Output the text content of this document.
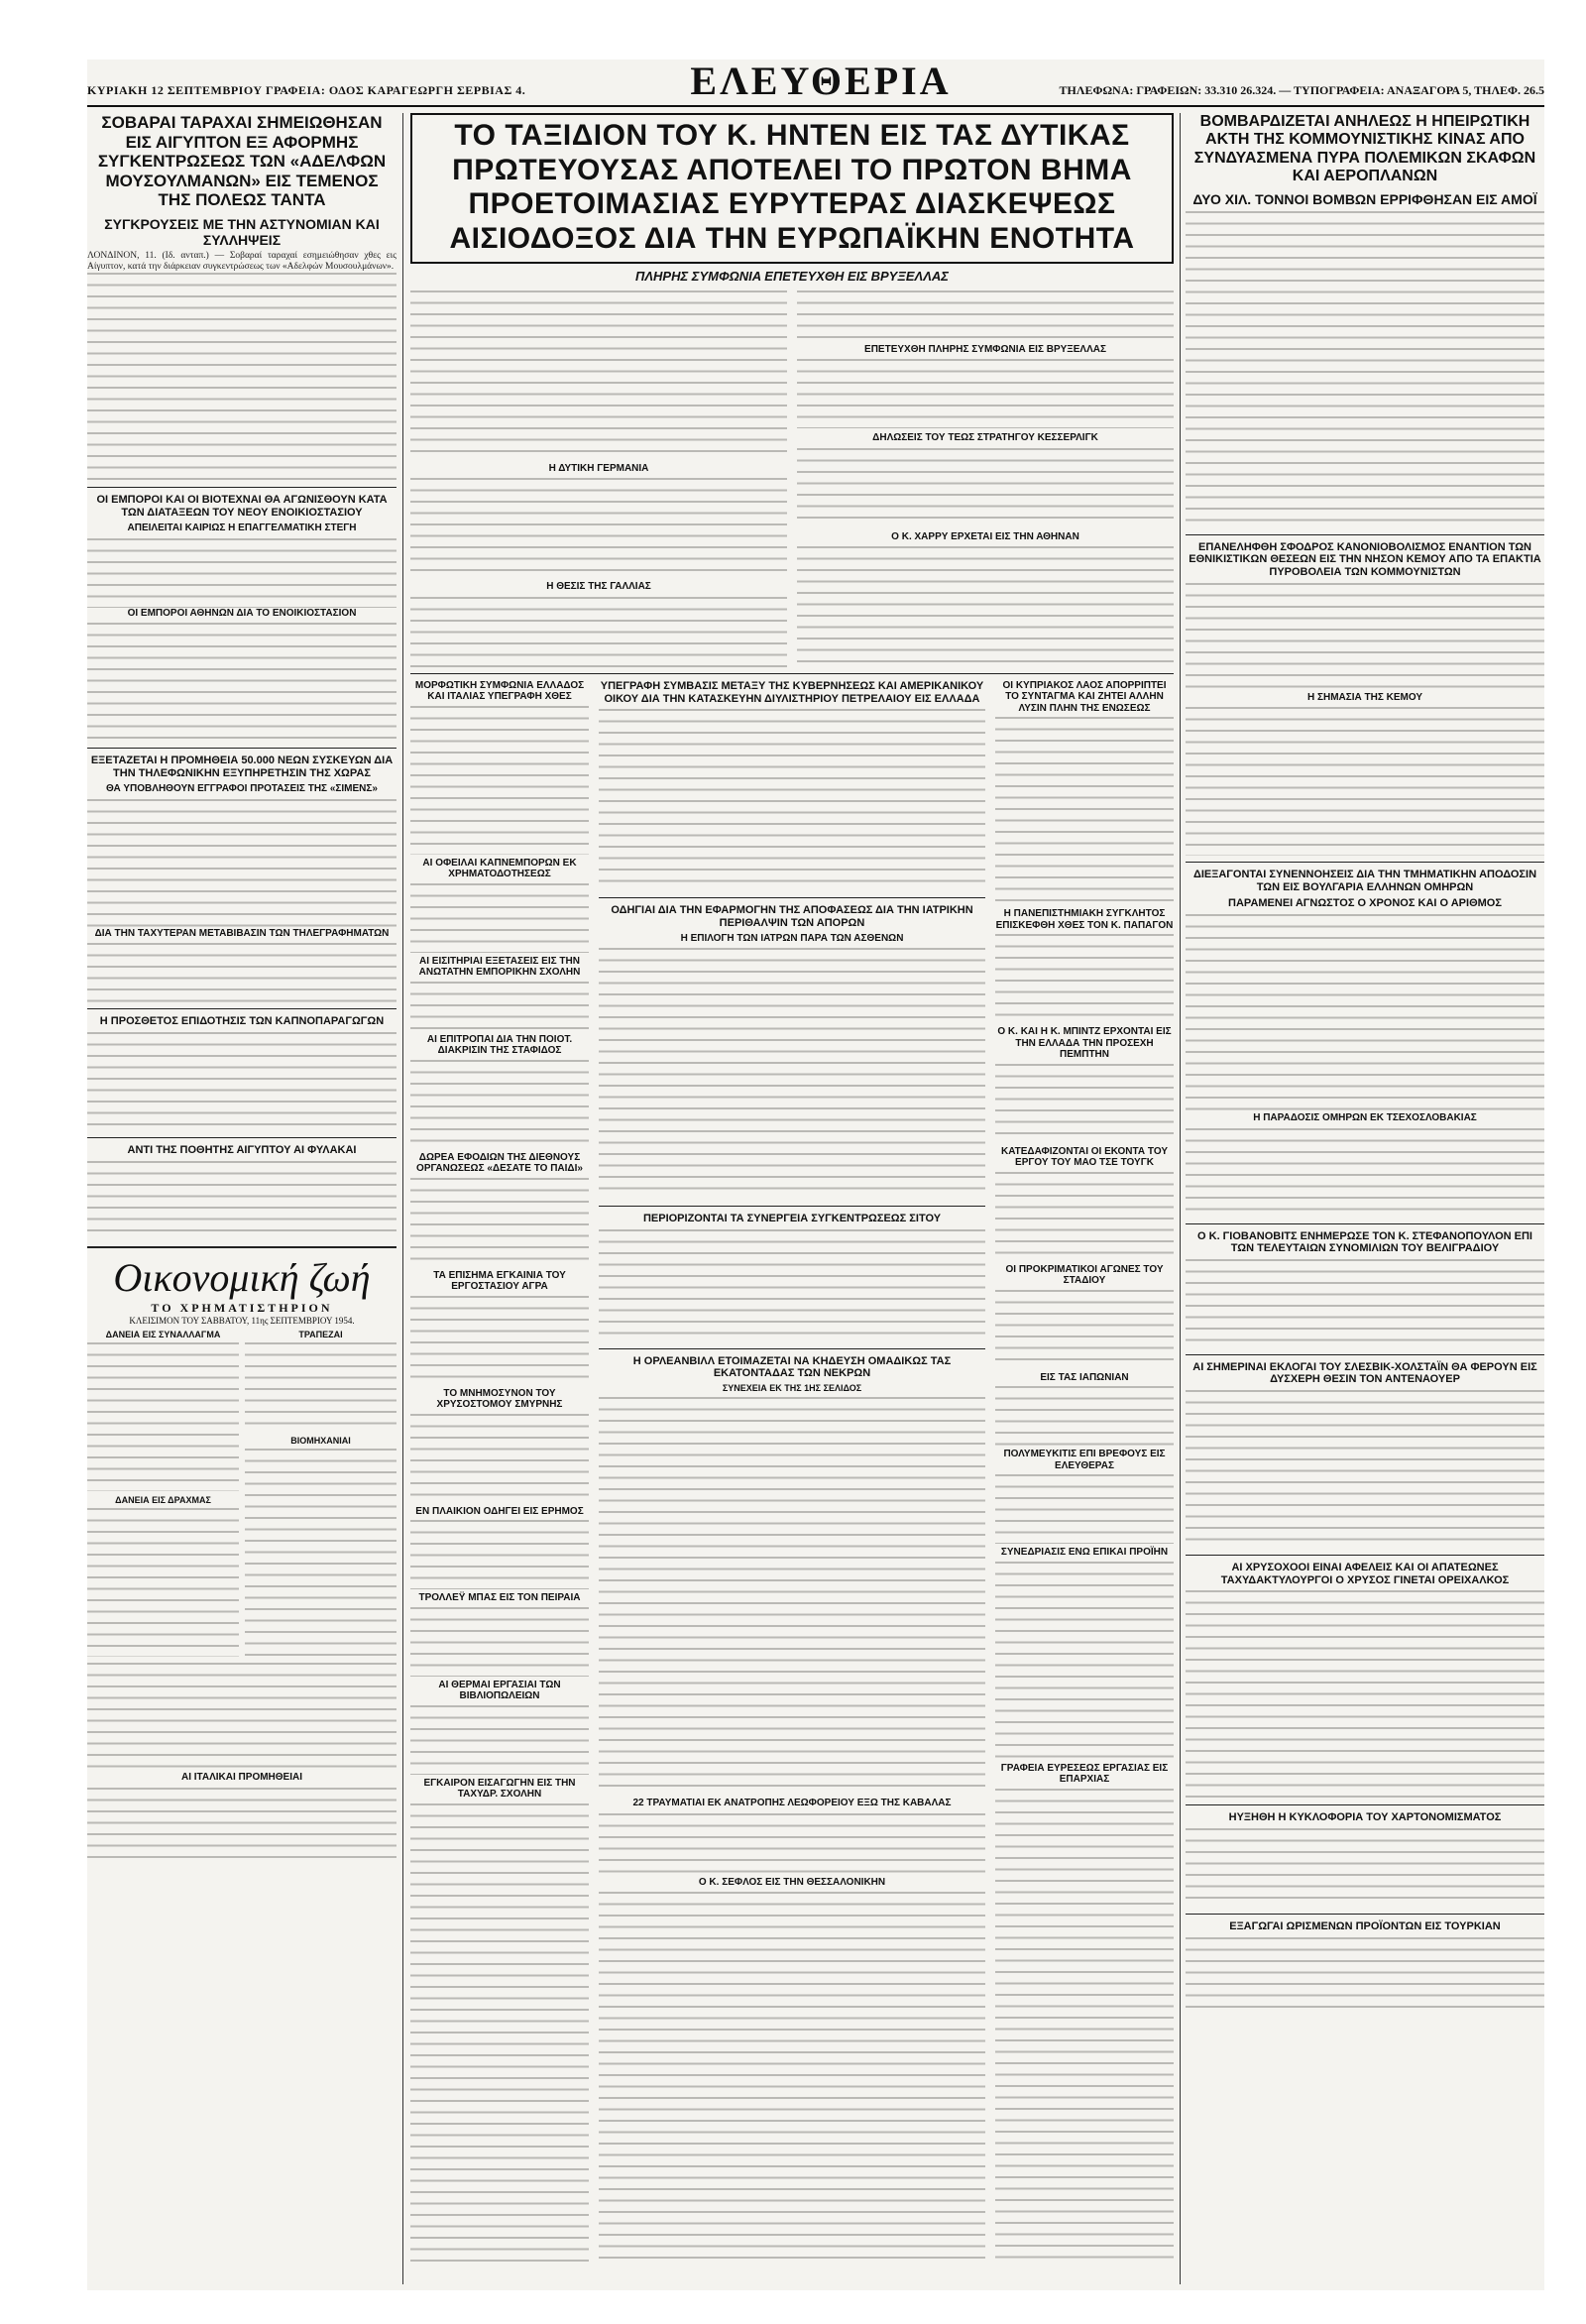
ΚΥΡΙΑΚΗ 12 ΣΕΠΤΕΜΒΡΙΟΥ ΓΡΑΦΕΙΑ: ΟΔΟΣ ΚΑΡΑΓΕΩΡΓΗ ΣΕΡΒΙΑΣ 4.	ΕΛΕΥΘΕΡΙΑ	ΤΗΛΕΦΩΝΑ: ΓΡΑΦΕΙΩΝ: 33.310 26.324. — ΤΥΠΟΓΡΑΦΕΙΑ: ΑΝΑΞΑΓΟΡΑ 5, ΤΗΛΕΦ. 26.5
ΣΟΒΑΡΑΙ ΤΑΡΑΧΑΙ ΣΗΜΕΙΩΘΗΣΑΝ ΕΙΣ ΑΙΓΥΠΤΟΝ ΕΞ ΑΦΟΡΜΗΣ ΣΥΓΚΕΝΤΡΩΣΕΩΣ ΤΩΝ «ΑΔΕΛΦΩΝ ΜΟΥΣΟΥΛΜΑΝΩΝ» ΕΙΣ ΤΕΜΕΝΟΣ ΤΗΣ ΠΟΛΕΩΣ ΤΑΝΤΑ
ΣΥΓΚΡΟΥΣΕΙΣ ΜΕ ΤΗΝ ΑΣΤΥΝΟΜΙΑΝ ΚΑΙ ΣΥΛΛΗΨΕΙΣ

ΛΟΝΔΙΝΟΝ, 11. (Ιδ. ανταπ.) — Σοβαραί ταραχαί εσημειώθησαν χθες εις Αίγυπτον, κατά την διάρκειαν συγκεντρώσεως των «Αδελφών Μουσουλμάνων».

ΟΙ ΕΜΠΟΡΟΙ ΚΑΙ ΟΙ ΒΙΟΤΕΧΝΑΙ ΘΑ ΑΓΩΝΙΣΘΟΥΝ ΚΑΤΑ ΤΩΝ ΔΙΑΤΑΞΕΩΝ ΤΟΥ ΝΕΟΥ ΕΝΟΙΚΙΟΣΤΑΣΙΟΥ
ΑΠΕΙΛΕΙΤΑΙ ΚΑΙΡΙΩΣ Η ΕΠΑΓΓΕΛΜΑΤΙΚΗ ΣΤΕΓΗ
ΟΙ ΕΜΠΟΡΟΙ ΑΘΗΝΩΝ ΔΙΑ ΤΟ ΕΝΟΙΚΙΟΣΤΑΣΙΟΝ
ΕΞΕΤΑΖΕΤΑΙ Η ΠΡΟΜΗΘΕΙΑ 50.000 ΝΕΩΝ ΣΥΣΚΕΥΩΝ ΔΙΑ ΤΗΝ ΤΗΛΕΦΩΝΙΚΗΝ ΕΞΥΠΗΡΕΤΗΣΙΝ ΤΗΣ ΧΩΡΑΣ
ΘΑ ΥΠΟΒΛΗΘΟΥΝ ΕΓΓΡΑΦΟΙ ΠΡΟΤΑΣΕΙΣ ΤΗΣ «ΣΙΜΕΝΣ»
ΔΙΑ ΤΗΝ ΤΑΧΥΤΕΡΑΝ ΜΕΤΑΒΙΒΑΣΙΝ ΤΩΝ ΤΗΛΕΓΡΑΦΗΜΑΤΩΝ
Η ΠΡΟΣΘΕΤΟΣ ΕΠΙΔΟΤΗΣΙΣ ΤΩΝ ΚΑΠΝΟΠΑΡΑΓΩΓΩΝ
ΑΝΤΙ ΤΗΣ ΠΟΘΗΤΗΣ ΑΙΓΥΠΤΟΥ ΑΙ ΦΥΛΑΚΑΙ
Οικονομική ζωή
ΤΟ ΧΡΗΜΑΤΙΣΤΗΡΙΟΝ
ΚΛΕΙΣΙΜΟΝ ΤΟΥ ΣΑΒΒΑΤΟΥ, 11ης ΣΕΠΤΕΜΒΡΙΟΥ 1954.
ΔΑΝΕΙΑ ΕΙΣ ΣΥΝΑΛΛΑΓΜΑ
ΔΑΝΕΙΑ ΕΙΣ ΔΡΑΧΜΑΣ
ΤΡΑΠΕΖΑΙ
ΒΙΟΜΗΧΑΝΙΑΙ
ΑΙ ΙΤΑΛΙΚΑΙ ΠΡΟΜΗΘΕΙΑΙ
ΤΟ ΤΑΞΙΔΙΟΝ ΤΟΥ Κ. ΗΝΤΕΝ ΕΙΣ ΤΑΣ ΔΥΤΙΚΑΣ
ΠΡΩΤΕΥΟΥΣΑΣ ΑΠΟΤΕΛΕΙ ΤΟ ΠΡΩΤΟΝ ΒΗΜΑ
ΠΡΟΕΤΟΙΜΑΣΙΑΣ ΕΥΡΥΤΕΡΑΣ ΔΙΑΣΚΕΨΕΩΣ
ΑΙΣΙΟΔΟΞΟΣ ΔΙΑ ΤΗΝ ΕΥΡΩΠΑΪΚΗΝ ΕΝΟΤΗΤΑ
ΠΛΗΡΗΣ ΣΥΜΦΩΝΙΑ ΕΠΕΤΕΥΧΘΗ ΕΙΣ ΒΡΥΞΕΛΛΑΣ
Η ΔΥΤΙΚΗ ΓΕΡΜΑΝΙΑ
Η ΘΕΣΙΣ ΤΗΣ ΓΑΛΛΙΑΣ
ΕΠΕΤΕΥΧΘΗ ΠΛΗΡΗΣ ΣΥΜΦΩΝΙΑ ΕΙΣ ΒΡΥΞΕΛΛΑΣ
ΔΗΛΩΣΕΙΣ ΤΟΥ ΤΕΩΣ ΣΤΡΑΤΗΓΟΥ ΚΕΣΣΕΡΛΙΓΚ
Ο Κ. ΧΑΡΡΥ ΕΡΧΕΤΑΙ ΕΙΣ ΤΗΝ ΑΘΗΝΑΝ
ΜΟΡΦΩΤΙΚΗ ΣΥΜΦΩΝΙΑ ΕΛΛΑΔΟΣ ΚΑΙ ΙΤΑΛΙΑΣ ΥΠΕΓΡΑΦΗ ΧΘΕΣ
ΑΙ ΟΦΕΙΛΑΙ ΚΑΠΝΕΜΠΟΡΩΝ ΕΚ ΧΡΗΜΑΤΟΔΟΤΗΣΕΩΣ
ΑΙ ΕΙΣΙΤΗΡΙΑΙ ΕΞΕΤΑΣΕΙΣ ΕΙΣ ΤΗΝ ΑΝΩΤΑΤΗΝ ΕΜΠΟΡΙΚΗΝ ΣΧΟΛΗΝ
ΑΙ ΕΠΙΤΡΟΠΑΙ ΔΙΑ ΤΗΝ ΠΟΙΟΤ. ΔΙΑΚΡΙΣΙΝ ΤΗΣ ΣΤΑΦΙΔΟΣ
ΔΩΡΕΑ ΕΦΟΔΙΩΝ ΤΗΣ ΔΙΕΘΝΟΥΣ ΟΡΓΑΝΩΣΕΩΣ «ΔΕΣΑΤΕ ΤΟ ΠΑΙΔΙ»
ΤΑ ΕΠΙΣΗΜΑ ΕΓΚΑΙΝΙΑ ΤΟΥ ΕΡΓΟΣΤΑΣΙΟΥ ΑΓΡΑ
ΤΟ ΜΝΗΜΟΣΥΝΟΝ ΤΟΥ ΧΡΥΣΟΣΤΟΜΟΥ ΣΜΥΡΝΗΣ
ΕΝ ΠΛΑΙΚΙΟΝ ΟΔΗΓΕΙ ΕΙΣ ΕΡΗΜΟΣ
ΤΡΟΛΛΕΫ ΜΠΑΣ ΕΙΣ ΤΟΝ ΠΕΙΡΑΙΑ
ΑΙ ΘΕΡΜΑΙ ΕΡΓΑΣΙΑΙ ΤΩΝ ΒΙΒΛΙΟΠΩΛΕΙΩΝ
ΕΓΚΑΙΡΟΝ ΕΙΣΑΓΩΓΗΝ ΕΙΣ ΤΗΝ ΤΑΧΥΔΡ. ΣΧΟΛΗΝ
ΥΠΕΓΡΑΦΗ ΣΥΜΒΑΣΙΣ ΜΕΤΑΞΥ ΤΗΣ ΚΥΒΕΡΝΗΣΕΩΣ ΚΑΙ ΑΜΕΡΙΚΑΝΙΚΟΥ ΟΙΚΟΥ ΔΙΑ ΤΗΝ ΚΑΤΑΣΚΕΥΗΝ ΔΙΥΛΙΣΤΗΡΙΟΥ ΠΕΤΡΕΛΑΙΟΥ ΕΙΣ ΕΛΛΑΔΑ
ΟΔΗΓΙΑΙ ΔΙΑ ΤΗΝ ΕΦΑΡΜΟΓΗΝ ΤΗΣ ΑΠΟΦΑΣΕΩΣ ΔΙΑ ΤΗΝ ΙΑΤΡΙΚΗΝ ΠΕΡΙΘΑΛΨΙΝ ΤΩΝ ΑΠΟΡΩΝ
Η ΕΠΙΛΟΓΗ ΤΩΝ ΙΑΤΡΩΝ ΠΑΡΑ ΤΩΝ ΑΣΘΕΝΩΝ
ΠΕΡΙΟΡΙΖΟΝΤΑΙ ΤΑ ΣΥΝΕΡΓΕΙΑ ΣΥΓΚΕΝΤΡΩΣΕΩΣ ΣΙΤΟΥ
Η ΟΡΛΕΑΝΒΙΛΛ ΕΤΟΙΜΑΖΕΤΑΙ ΝΑ ΚΗΔΕΥΣΗ ΟΜΑΔΙΚΩΣ ΤΑΣ ΕΚΑΤΟΝΤΑΔΑΣ ΤΩΝ ΝΕΚΡΩΝ
ΣΥΝΕΧΕΙΑ ΕΚ ΤΗΣ 1ΗΣ ΣΕΛΙΔΟΣ
22 ΤΡΑΥΜΑΤΙΑΙ ΕΚ ΑΝΑΤΡΟΠΗΣ ΛΕΩΦΟΡΕΙΟΥ ΕΞΩ ΤΗΣ ΚΑΒΑΛΑΣ
Ο Κ. ΣΕΦΛΟΣ ΕΙΣ ΤΗΝ ΘΕΣΣΑΛΟΝΙΚΗΝ
ΟΙ ΚΥΠΡΙΑΚΟΣ ΛΑΟΣ ΑΠΟΡΡΙΠΤΕΙ ΤΟ ΣΥΝΤΑΓΜΑ ΚΑΙ ΖΗΤΕΙ ΑΛΛΗΝ ΛΥΣΙΝ ΠΛΗΝ ΤΗΣ ΕΝΩΣΕΩΣ
Η ΠΑΝΕΠΙΣΤΗΜΙΑΚΗ ΣΥΓΚΛΗΤΟΣ ΕΠΙΣΚΕΦΘΗ ΧΘΕΣ ΤΟΝ Κ. ΠΑΠΑΓΟΝ
Ο Κ. ΚΑΙ Η Κ. ΜΠΙΝΤΖ ΕΡΧΟΝΤΑΙ ΕΙΣ ΤΗΝ ΕΛΛΑΔΑ ΤΗΝ ΠΡΟΣΕΧΗ ΠΕΜΠΤΗΝ
ΚΑΤΕΔΑΦΙΖΟΝΤΑΙ ΟΙ ΕΚΟΝΤΑ ΤΟΥ ΕΡΓΟΥ ΤΟΥ ΜΑΟ ΤΣΕ ΤΟΥΓΚ
ΟΙ ΠΡΟΚΡΙΜΑΤΙΚΟΙ ΑΓΩΝΕΣ ΤΟΥ ΣΤΑΔΙΟΥ
ΕΙΣ ΤΑΣ ΙΑΠΩΝΙΑΝ
ΠΟΛΥΜΕΥΚΙΤΙΣ ΕΠΙ ΒΡΕΦΟΥΣ ΕΙΣ ΕΛΕΥΘΕΡΑΣ
ΣΥΝΕΔΡΙΑΣΙΣ ΕΝΩ ΕΠΙΚΑΙ ΠΡΟΪΗΝ
ΓΡΑΦΕΙΑ ΕΥΡΕΣΕΩΣ ΕΡΓΑΣΙΑΣ ΕΙΣ ΕΠΑΡΧΙΑΣ
ΒΟΜΒΑΡΔΙΖΕΤΑΙ ΑΝΗΛΕΩΣ Η ΗΠΕΙΡΩΤΙΚΗ ΑΚΤΗ ΤΗΣ ΚΟΜΜΟΥΝΙΣΤΙΚΗΣ ΚΙΝΑΣ ΑΠΟ ΣΥΝΔΥΑΣΜΕΝΑ ΠΥΡΑ ΠΟΛΕΜΙΚΩΝ ΣΚΑΦΩΝ ΚΑΙ ΑΕΡΟΠΛΑΝΩΝ
ΔΥΟ ΧΙΛ. ΤΟΝΝΟΙ ΒΟΜΒΩΝ ΕΡΡΙΦΘΗΣΑΝ ΕΙΣ ΑΜΟΪ
ΕΠΑΝΕΛΗΦΘΗ ΣΦΟΔΡΟΣ ΚΑΝΟΝΙΟΒΟΛΙΣΜΟΣ ΕΝΑΝΤΙΟΝ ΤΩΝ ΕΘΝΙΚΙΣΤΙΚΩΝ ΘΕΣΕΩΝ ΕΙΣ ΤΗΝ ΝΗΣΟΝ ΚΕΜΟΥ ΑΠΟ ΤΑ ΕΠΑΚΤΙΑ ΠΥΡΟΒΟΛΕΙΑ ΤΩΝ ΚΟΜΜΟΥΝΙΣΤΩΝ
Η ΣΗΜΑΣΙΑ ΤΗΣ ΚΕΜΟΥ
ΔΙΕΞΑΓΟΝΤΑΙ ΣΥΝΕΝΝΟΗΣΕΙΣ ΔΙΑ ΤΗΝ ΤΜΗΜΑΤΙΚΗΝ ΑΠΟΔΟΣΙΝ ΤΩΝ ΕΙΣ ΒΟΥΛΓΑΡΙΑ ΕΛΛΗΝΩΝ ΟΜΗΡΩΝ
ΠΑΡΑΜΕΝΕΙ ΑΓΝΩΣΤΟΣ Ο ΧΡΟΝΟΣ ΚΑΙ Ο ΑΡΙΘΜΟΣ
Η ΠΑΡΑΔΟΣΙΣ ΟΜΗΡΩΝ ΕΚ ΤΣΕΧΟΣΛΟΒΑΚΙΑΣ
Ο Κ. ΓΙΟΒΑΝΟΒΙΤΣ ΕΝΗΜΕΡΩΣΕ ΤΟΝ Κ. ΣΤΕΦΑΝΟΠΟΥΛΟΝ ΕΠΙ ΤΩΝ ΤΕΛΕΥΤΑΙΩΝ ΣΥΝΟΜΙΛΙΩΝ ΤΟΥ ΒΕΛΙΓΡΑΔΙΟΥ
ΑΙ ΣΗΜΕΡΙΝΑΙ ΕΚΛΟΓΑΙ ΤΟΥ ΣΛΕΣΒΙΚ-ΧΟΛΣΤΑΪΝ ΘΑ ΦΕΡΟΥΝ ΕΙΣ ΔΥΣΧΕΡΗ ΘΕΣΙΝ ΤΟΝ ΑΝΤΕΝΑΟΥΕΡ
ΑΙ ΧΡΥΣΟΧΟΟΙ ΕΙΝΑΙ ΑΦΕΛΕΙΣ ΚΑΙ ΟΙ ΑΠΑΤΕΩΝΕΣ ΤΑΧΥΔΑΚΤΥΛΟΥΡΓΟΙ Ο ΧΡΥΣΟΣ ΓΙΝΕΤΑΙ ΟΡΕΙΧΑΛΚΟΣ
ΗΥΞΗΘΗ Η ΚΥΚΛΟΦΟΡΙΑ ΤΟΥ ΧΑΡΤΟΝΟΜΙΣΜΑΤΟΣ
ΕΞΑΓΩΓΑΙ ΩΡΙΣΜΕΝΩΝ ΠΡΟΪΟΝΤΩΝ ΕΙΣ ΤΟΥΡΚΙΑΝ
